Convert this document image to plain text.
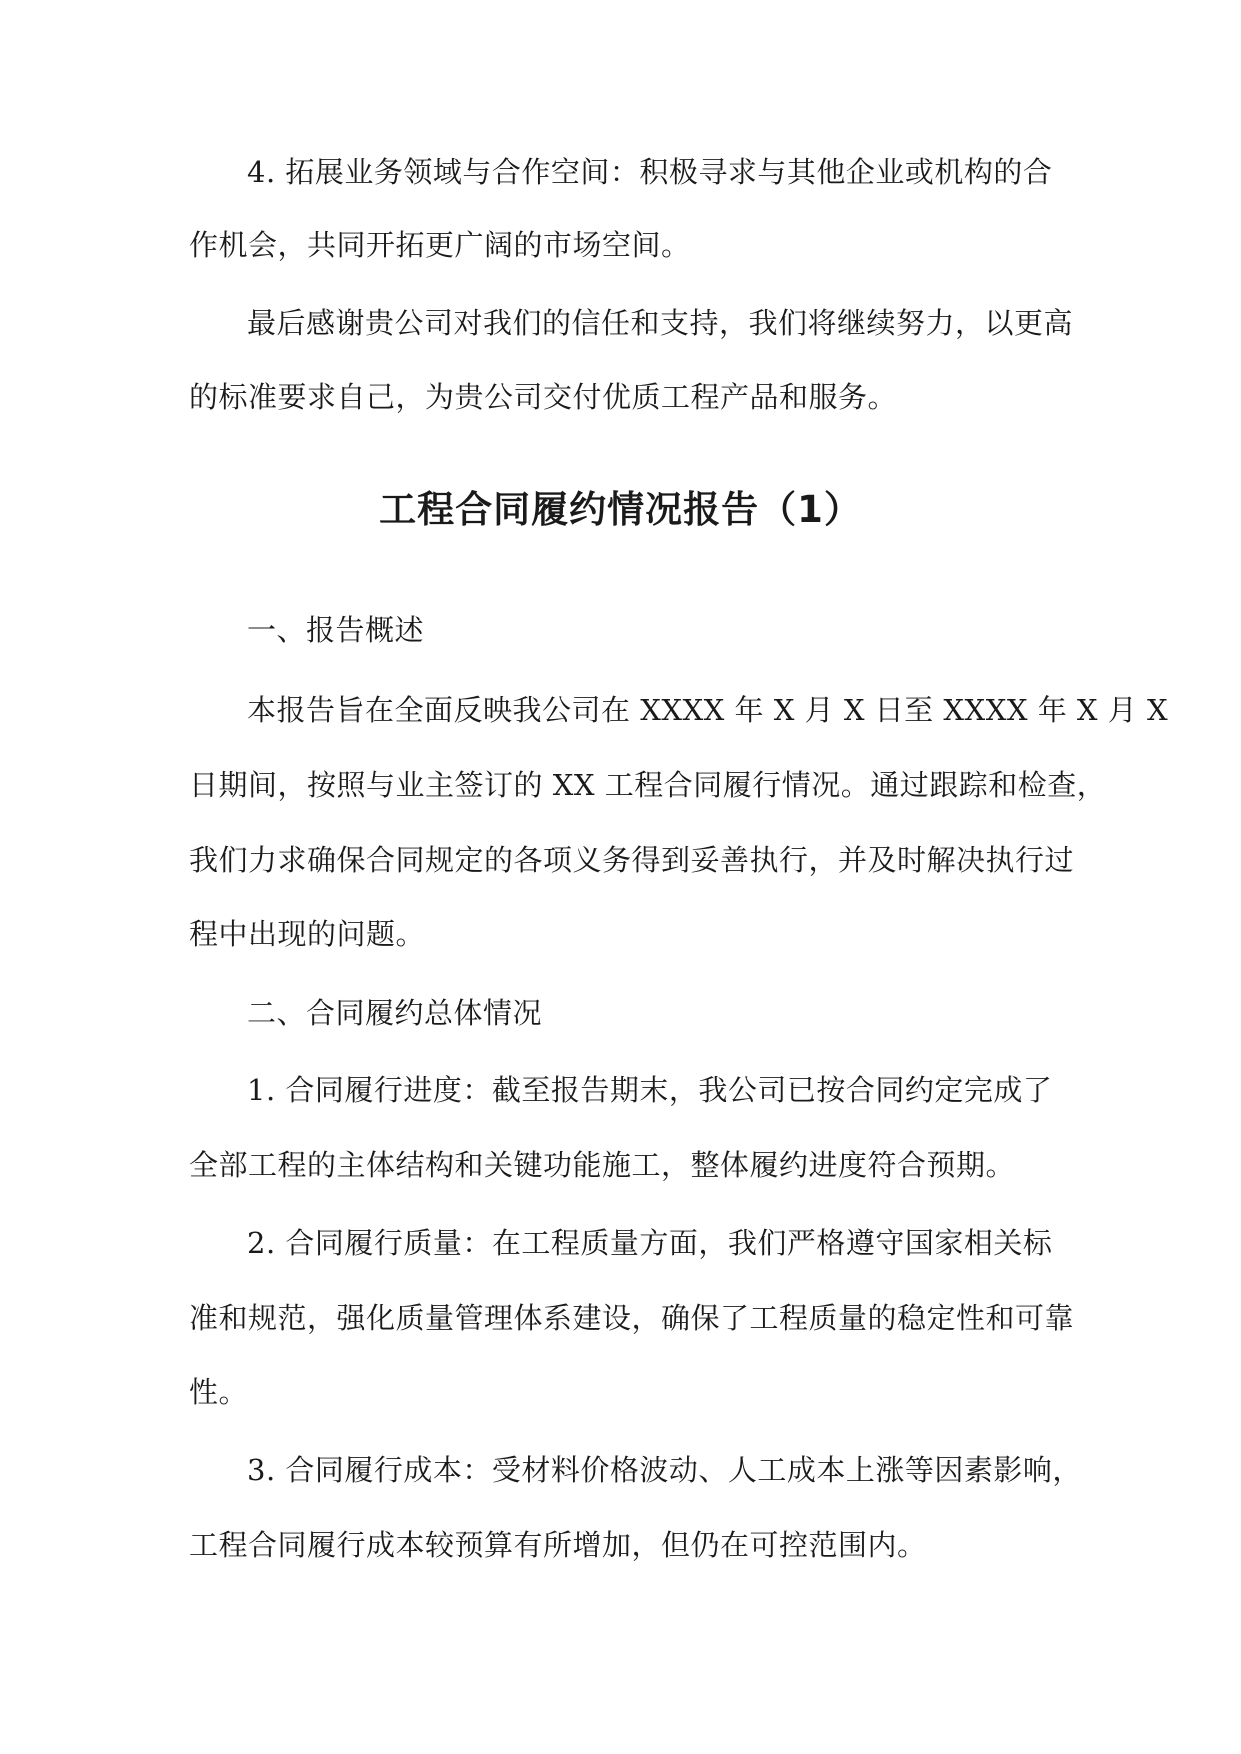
4. 拓展业务领域与合作空间：积极寻求与其他企业或机构的合

作机会，共同开拓更广阔的市场空间。

最后感谢贵公司对我们的信任和支持，我们将继续努力，以更高

的标准要求自己，为贵公司交付优质工程产品和服务。

工程合同履约情况报告（1）

一、报告概述

本报告旨在全面反映我公司在 XXXX 年 X 月 X 日至 XXXX 年 X 月 X

日期间，按照与业主签订的 XX 工程合同履行情况。通过跟踪和检查，

我们力求确保合同规定的各项义务得到妥善执行，并及时解决执行过

程中出现的问题。

二、合同履约总体情况

1. 合同履行进度：截至报告期末，我公司已按合同约定完成了

全部工程的主体结构和关键功能施工，整体履约进度符合预期。

2. 合同履行质量：在工程质量方面，我们严格遵守国家相关标

准和规范，强化质量管理体系建设，确保了工程质量的稳定性和可靠

性。

3. 合同履行成本：受材料价格波动、人工成本上涨等因素影响，

工程合同履行成本较预算有所增加，但仍在可控范围内。
